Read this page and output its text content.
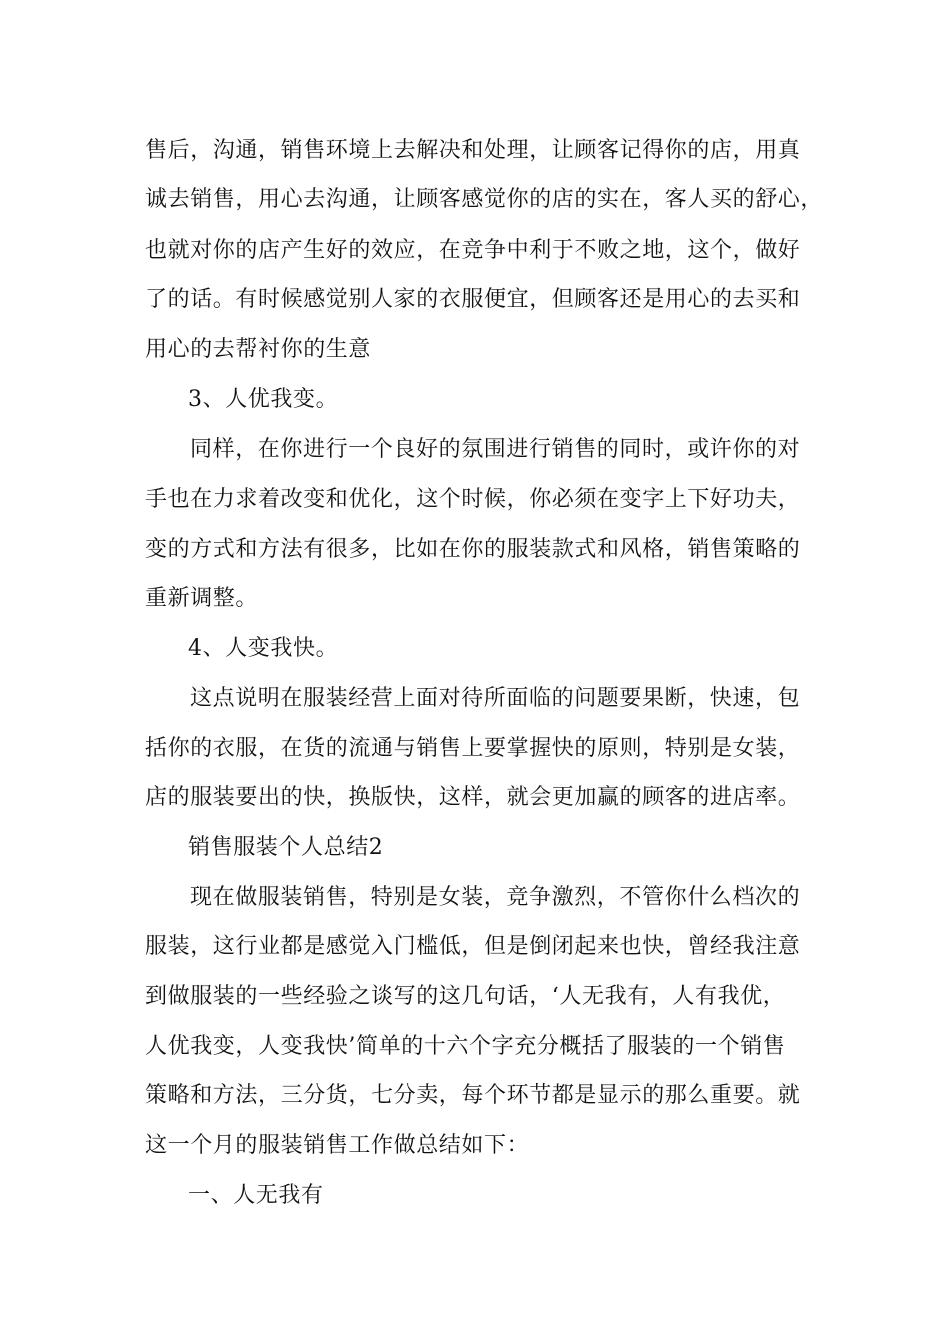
售后，沟通，销售环境上去解决和处理，让顾客记得你的店，用真
诚去销售，用心去沟通，让顾客感觉你的店的实在，客人买的舒心，
也就对你的店产生好的效应，在竞争中利于不败之地，这个，做好
了的话。有时候感觉别人家的衣服便宜，但顾客还是用心的去买和
用心的去帮衬你的生意
3、人优我变。
同样，在你进行一个良好的氛围进行销售的同时，或许你的对
手也在力求着改变和优化，这个时候，你必须在变字上下好功夫，
变的方式和方法有很多，比如在你的服装款式和风格，销售策略的
重新调整。
4、人变我快。
这点说明在服装经营上面对待所面临的问题要果断，快速，包
括你的衣服，在货的流通与销售上要掌握快的原则，特别是女装，
店的服装要出的快，换版快，这样，就会更加赢的顾客的进店率。
销售服装个人总结2
现在做服装销售，特别是女装，竞争激烈，不管你什么档次的
服装，这行业都是感觉入门槛低，但是倒闭起来也快，曾经我注意
到做服装的一些经验之谈写的这几句话，‘人无我有，人有我优，
人优我变，人变我快’简单的十六个字充分概括了服装的一个销售
策略和方法，三分货，七分卖，每个环节都是显示的那么重要。就
这一个月的服装销售工作做总结如下：
一、人无我有
